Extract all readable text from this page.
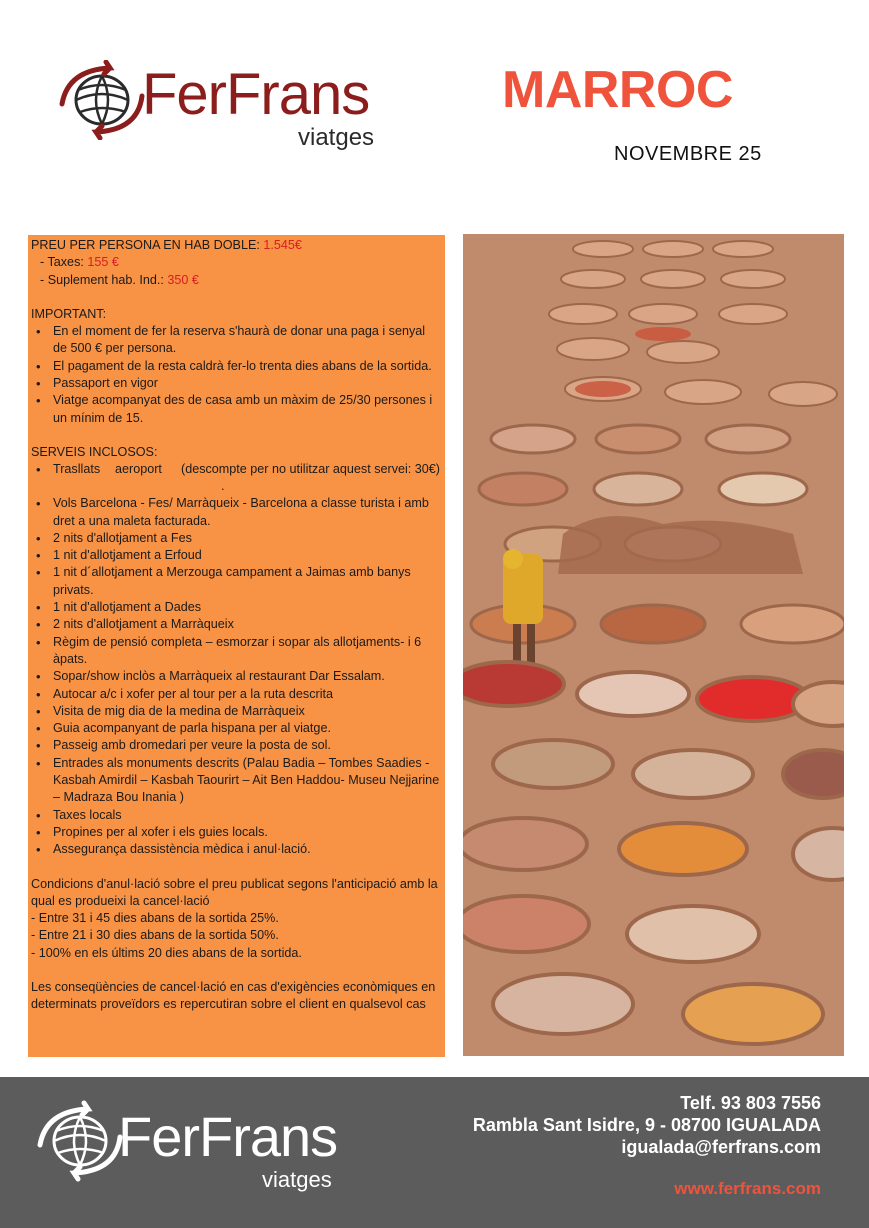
FerFrans
viatges
MARROC
NOVEMBRE 25

PREU PER PERSONA EN HAB DOBLE: 1.545€

- Taxes: 155 €

- Suplement hab. Ind.: 350 €

IMPORTANT:

• En el moment de fer la reserva s'haurà de donar una paga i senyal de 500 € per persona.
• El pagament de la resta caldrà fer-lo trenta dies abans de la sortida.
• Passaport en vigor
• Viatge acompanyat des de casa amb un màxim de 25/30 persones i un mínim de 15.

SERVEIS INCLOSOS:

• Trasllats aeroport (descompte per no utilitzar aquest servei: 30€)
.
• Vols Barcelona - Fes/ Marràqueix - Barcelona a classe turista i amb dret a una maleta facturada.
• 2 nits d'allotjament a Fes
• 1 nit d'allotjament a Erfoud
• 1 nit d´allotjament a Merzouga campament a Jaimas amb banys privats.
• 1 nit d'allotjament a Dades
• 2 nits d'allotjament a Marràqueix
• Règim de pensió completa – esmorzar i sopar als allotjaments- i 6 àpats.
• Sopar/show inclòs a Marràqueix al restaurant Dar Essalam.
• Autocar a/c i xofer per al tour per a la ruta descrita
• Visita de mig dia de la medina de Marràqueix
• Guia acompanyant de parla hispana per al viatge.
• Passeig amb dromedari per veure la posta de sol.
• Entrades als monuments descrits (Palau Badia – Tombes Saadies - Kasbah Amirdil – Kasbah Taourirt – Ait Ben Haddou- Museu Nejjarine – Madraza Bou Inania )
• Taxes locals
• Propines per al xofer i els guies locals.
• Assegurança dassistència mèdica i anul·lació.

Condicions d'anul·lació sobre el preu publicat segons l'anticipació amb la qual es produeixi la cancel·lació

- Entre 31 i 45 dies abans de la sortida 25%.

- Entre 21 i 30 dies abans de la sortida 50%.

- 100% en els últims 20 dies abans de la sortida.

Les conseqüències de cancel·lació en cas d'exigències econòmiques en determinats proveïdors es repercutiran sobre el client en qualsevol cas

FerFrans
viatges
Telf. 93 803 7556
Rambla Sant Isidre, 9 - 08700 IGUALADA
igualada@ferfrans.com
www.ferfrans.com
